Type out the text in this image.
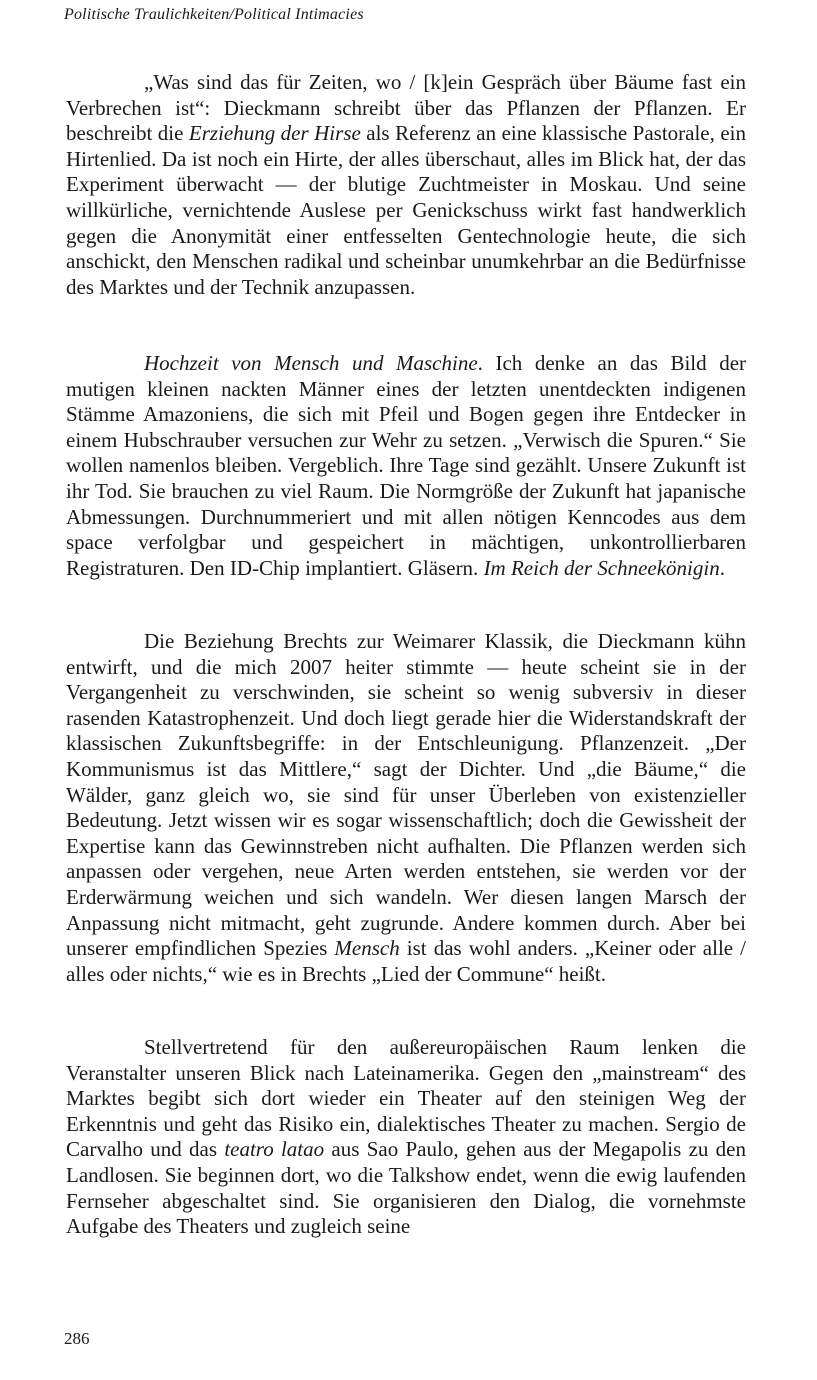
Politische Traulichkeiten/Political Intimacies

„Was sind das für Zeiten, wo / [k]ein Gespräch über Bäume fast ein Verbrechen ist“: Dieckmann schreibt über das Pflanzen der Pflanzen. Er beschreibt die Erziehung der Hirse als Referenz an eine klassische Pastorale, ein Hirtenlied. Da ist noch ein Hirte, der alles überschaut, alles im Blick hat, der das Experiment überwacht — der blutige Zuchtmeister in Moskau. Und seine willkürliche, vernichtende Auslese per Genickschuss wirkt fast handwerklich gegen die Anonymität einer entfesselten Gentechnologie heute, die sich anschickt, den Menschen radikal und scheinbar unumkehrbar an die Bedürfnisse des Marktes und der Technik anzupassen.

Hochzeit von Mensch und Maschine. Ich denke an das Bild der mutigen kleinen nackten Männer eines der letzten unentdeckten indigenen Stämme Amazoniens, die sich mit Pfeil und Bogen gegen ihre Entdecker in einem Hubschrauber versuchen zur Wehr zu setzen. „Verwisch die Spuren.“ Sie wollen namenlos bleiben. Vergeblich. Ihre Tage sind gezählt. Unsere Zukunft ist ihr Tod. Sie brauchen zu viel Raum. Die Normgröße der Zukunft hat japanische Abmessungen. Durchnummeriert und mit allen nötigen Kenncodes aus dem space verfolgbar und gespeichert in mächtigen, unkontrollierbaren Registraturen. Den ID-Chip implantiert. Gläsern. Im Reich der Schneekönigin.

Die Beziehung Brechts zur Weimarer Klassik, die Dieckmann kühn entwirft, und die mich 2007 heiter stimmte — heute scheint sie in der Vergangenheit zu verschwinden, sie scheint so wenig subversiv in dieser rasenden Katastrophenzeit. Und doch liegt gerade hier die Widerstandskraft der klassischen Zukunftsbegriffe: in der Entschleunigung. Pflanzenzeit. „Der Kommunismus ist das Mittlere,“ sagt der Dichter. Und „die Bäume,“ die Wälder, ganz gleich wo, sie sind für unser Überleben von existenzieller Bedeutung. Jetzt wissen wir es sogar wissenschaftlich; doch die Gewissheit der Expertise kann das Gewinnstreben nicht aufhalten. Die Pflanzen werden sich anpassen oder vergehen, neue Arten werden entstehen, sie werden vor der Erderwärmung weichen und sich wandeln. Wer diesen langen Marsch der Anpassung nicht mitmacht, geht zugrunde. Andere kommen durch. Aber bei unserer empfindlichen Spezies Mensch ist das wohl anders. „Keiner oder alle / alles oder nichts,“ wie es in Brechts „Lied der Commune“ heißt.

Stellvertretend für den außereuropäischen Raum lenken die Veranstalter unseren Blick nach Lateinamerika. Gegen den „mainstream“ des Marktes begibt sich dort wieder ein Theater auf den steinigen Weg der Erkenntnis und geht das Risiko ein, dialektisches Theater zu machen. Sergio de Carvalho und das teatro latao aus Sao Paulo, gehen aus der Megapolis zu den Landlosen. Sie beginnen dort, wo die Talkshow endet, wenn die ewig laufenden Fernseher abgeschaltet sind. Sie organisieren den Dialog, die vornehmste Aufgabe des Theaters und zugleich seine

286
